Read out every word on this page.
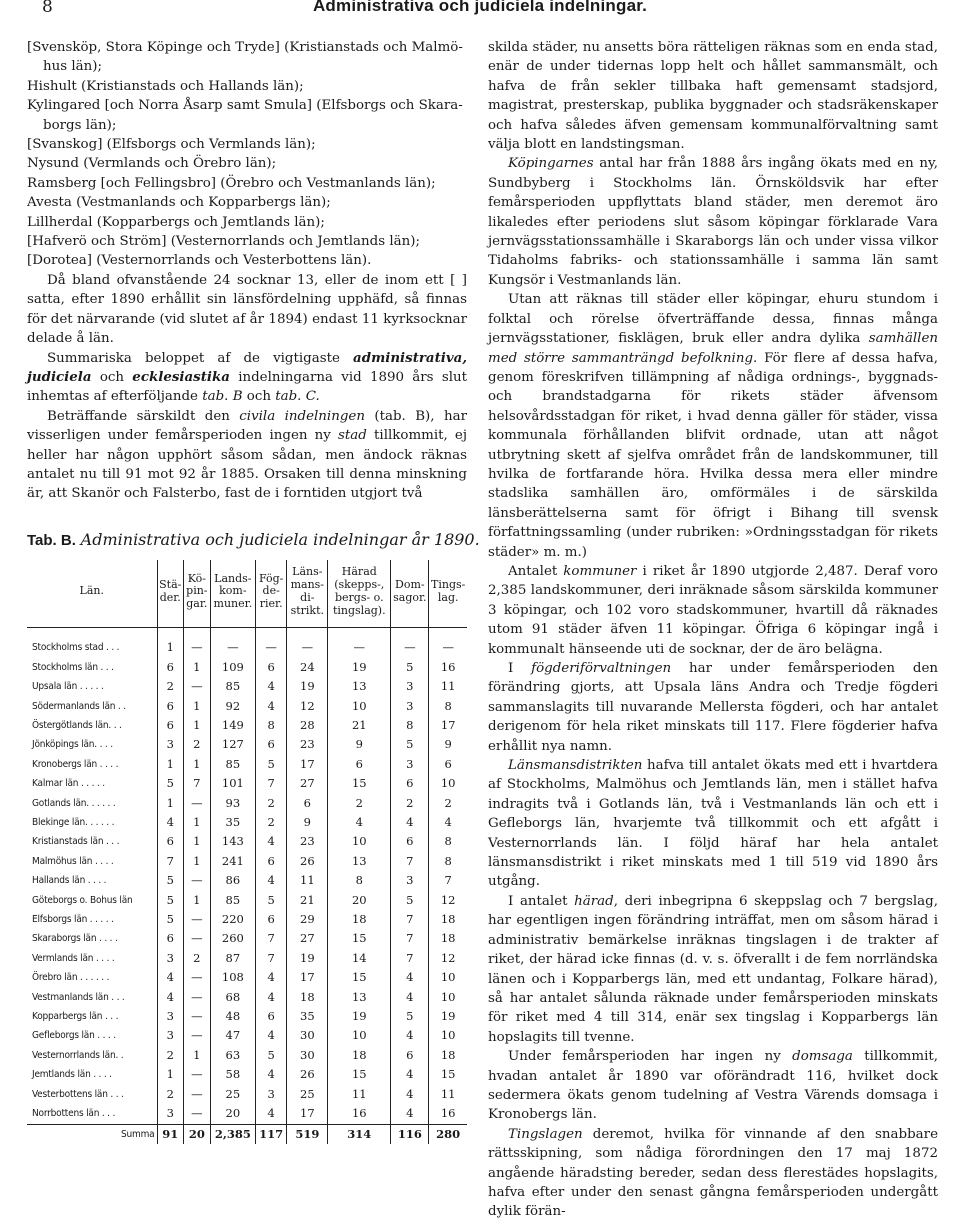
8	Administrativa och judiciela indelningar.
[Svensköp, Stora Köpinge och Tryde] (Kristianstads och Malmö-
hus län);
Hishult (Kristianstads och Hallands län);
Kylingared [och Norra Åsarp samt Smula] (Elfsborgs och Skara-
borgs län);
[Svanskog] (Elfsborgs och Vermlands län);
Nysund (Vermlands och Örebro län);
Ramsberg [och Fellingsbro] (Örebro och Vestmanlands län);
Avesta (Vestmanlands och Kopparbergs län);
Lillherdal (Kopparbergs och Jemtlands län);
[Hafverö och Ström] (Vesternorrlands och Jemtlands län);
[Dorotea] (Vesternorrlands och Vesterbottens län).

Då bland ofvanstående 24 socknar 13, eller de inom ett [ ] satta, efter 1890 erhållit sin länsfördelning upphäfd, så finnas för det närvarande (vid slutet af år 1894) endast 11 kyrksocknar delade å län.

Summariska beloppet af de vigtigaste administrativa, judiciela och ecklesiastika indelningarna vid 1890 års slut inhemtas af efterföljande tab. B och tab. C.

Beträffande särskildt den civila indelningen (tab. B), har visserligen under femårsperioden ingen ny stad tillkommit, ej heller har någon upphört såsom sådan, men ändock räknas antalet nu till 91 mot 92 år 1885. Orsaken till denna minskning är, att Skanör och Falsterbo, fast de i forntiden utgjort två

Tab. B. Administrativa och judiciela indelningar år 1890.
Län.	Stä- der.	Kö- pin- gar.	Lands- kom- muner.	Fög- de- rier.	Läns- mans- di- strikt.	Härad (skepps-, bergs- o. tingslag).	Dom- sagor.	Tings- lag.
Stockholms stad . . .	1	—	—	—	—	—	—	—
Stockholms län . . .	6	1	109	6	24	19	5	16
Upsala län . . . . .	2	—	85	4	19	13	3	11
Södermanlands län . .	6	1	92	4	12	10	3	8
Östergötlands län. . .	6	1	149	8	28	21	8	17
Jönköpings län. . . .	3	2	127	6	23	9	5	9
Kronobergs län . . . .	1	1	85	5	17	6	3	6
Kalmar län . . . . .	5	7	101	7	27	15	6	10
Gotlands län. . . . . .	1	—	93	2	6	2	2	2
Blekinge län. . . . . .	4	1	35	2	9	4	4	4
Kristianstads län . . .	6	1	143	4	23	10	6	8
Malmöhus län . . . .	7	1	241	6	26	13	7	8
Hallands län . . . .	5	—	86	4	11	8	3	7
Göteborgs o. Bohus län	5	1	85	5	21	20	5	12
Elfsborgs län . . . . .	5	—	220	6	29	18	7	18
Skaraborgs län . . . .	6	—	260	7	27	15	7	18
Vermlands län . . . .	3	2	87	7	19	14	7	12
Örebro län . . . . . .	4	—	108	4	17	15	4	10
Vestmanlands län . . .	4	—	68	4	18	13	4	10
Kopparbergs län . . .	3	—	48	6	35	19	5	19
Gefleborgs län . . . .	3	—	47	4	30	10	4	10
Vesternorrlands län. .	2	1	63	5	30	18	6	18
Jemtlands län . . . .	1	—	58	4	26	15	4	15
Vesterbottens län . . .	2	—	25	3	25	11	4	11
Norrbottens län . . .	3	—	20	4	17	16	4	16
Summa	91	20	2,385	117	519	314	116	280

skilda städer, nu ansetts böra rätteligen räknas som en enda stad, enär de under tidernas lopp helt och hållet sammansmält, och hafva de från sekler tillbaka haft gemensamt stadsjord, magistrat, presterskap, publika byggnader och stadsräkenskaper och hafva således äfven gemensam kommunalförvaltning samt välja blott en landstingsman.

Köpingarnes antal har från 1888 års ingång ökats med en ny, Sundbyberg i Stockholms län. Örnsköldsvik har efter femårsperioden uppflyttats bland städer, men deremot äro likaledes efter periodens slut såsom köpingar förklarade Vara jernvägsstationssamhälle i Skaraborgs län och under vissa vilkor Tidaholms fabriks- och stationssamhälle i samma län samt Kungsör i Vestmanlands län.

Utan att räknas till städer eller köpingar, ehuru stundom i folktal och rörelse öfverträffande dessa, finnas många jernvägsstationer, fisklägen, bruk eller andra dylika samhällen med större sammanträngd befolkning. För flere af dessa hafva, genom föreskrifven tillämpning af nådiga ordnings-, byggnads- och brandstadgarna för rikets städer äfvensom helsovårdsstadgan för riket, i hvad denna gäller för städer, vissa kommunala förhållanden blifvit ordnade, utan att något utbrytning skett af sjelfva området från de landskommuner, till hvilka de fortfarande höra. Hvilka dessa mera eller mindre stadslika samhällen äro, omförmäles i de särskilda länsberättelserna samt för öfrigt i Bihang till svensk författningssamling (under rubriken: »Ordningsstadgan för rikets städer» m. m.)

Antalet kommuner i riket år 1890 utgjorde 2,487. Deraf voro 2,385 landskommuner, deri inräknade såsom särskilda kommuner 3 köpingar, och 102 voro stadskommuner, hvartill då räknades utom 91 städer äfven 11 köpingar. Öfriga 6 köpingar ingå i kommunalt hänseende uti de socknar, der de äro belägna.

I fögderiförvaltningen har under femårsperioden den förändring gjorts, att Upsala läns Andra och Tredje fögderi sammanslagits till nuvarande Mellersta fögderi, och har antalet derigenom för hela riket minskats till 117. Flere fögderier hafva erhållit nya namn.

Länsmansdistrikten hafva till antalet ökats med ett i hvartdera af Stockholms, Malmöhus och Jemtlands län, men i stället hafva indragits två i Gotlands län, två i Vestmanlands län och ett i Gefleborgs län, hvarjemte två tillkommit och ett afgått i Vesternorrlands län. I följd häraf har hela antalet länsmansdistrikt i riket minskats med 1 till 519 vid 1890 års utgång.

I antalet härad, deri inbegripna 6 skeppslag och 7 bergslag, har egentligen ingen förändring inträffat, men om såsom härad i administrativ bemärkelse inräknas tingslagen i de trakter af riket, der härad icke finnas (d. v. s. öfverallt i de fem norrländska länen och i Kopparbergs län, med ett undantag, Folkare härad), så har antalet sålunda räknade under femårsperioden minskats för riket med 4 till 314, enär sex tingslag i Kopparbergs län hopslagits till tvenne.

Under femårsperioden har ingen ny domsaga tillkommit, hvadan antalet år 1890 var oförändradt 116, hvilket dock sedermera ökats genom tudelning af Vestra Värends domsaga i Kronobergs län.

Tingslagen deremot, hvilka för vinnande af den snabbare rättsskipning, som nådiga förordningen den 17 maj 1872 angående häradsting bereder, sedan dess flerestädes hopslagits, hafva efter under den senast gångna femårsperioden undergått dylik förän-
